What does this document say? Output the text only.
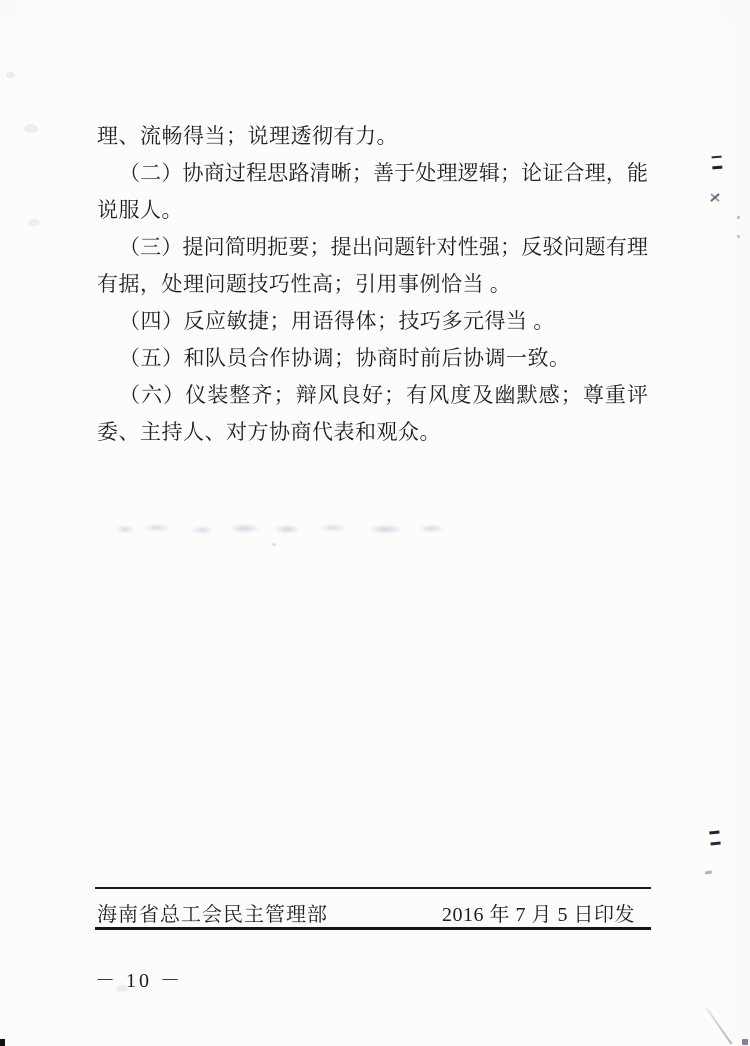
理、流畅得当；说理透彻有力。
（二）协商过程思路清晰；善于处理逻辑；论证合理，能
说服人。
（三）提问简明扼要；提出问题针对性强；反驳问题有理
有据，处理问题技巧性高；引用事例恰当 。
（四）反应敏捷；用语得体；技巧多元得当 。
（五）和队员合作协调；协商时前后协调一致。
（六）仪装整齐；辩风良好；有风度及幽默感；尊重评
委、主持人、对方协商代表和观众。
海南省总工会民主管理部	2016 年 7 月 5 日印发
－ 10 －
